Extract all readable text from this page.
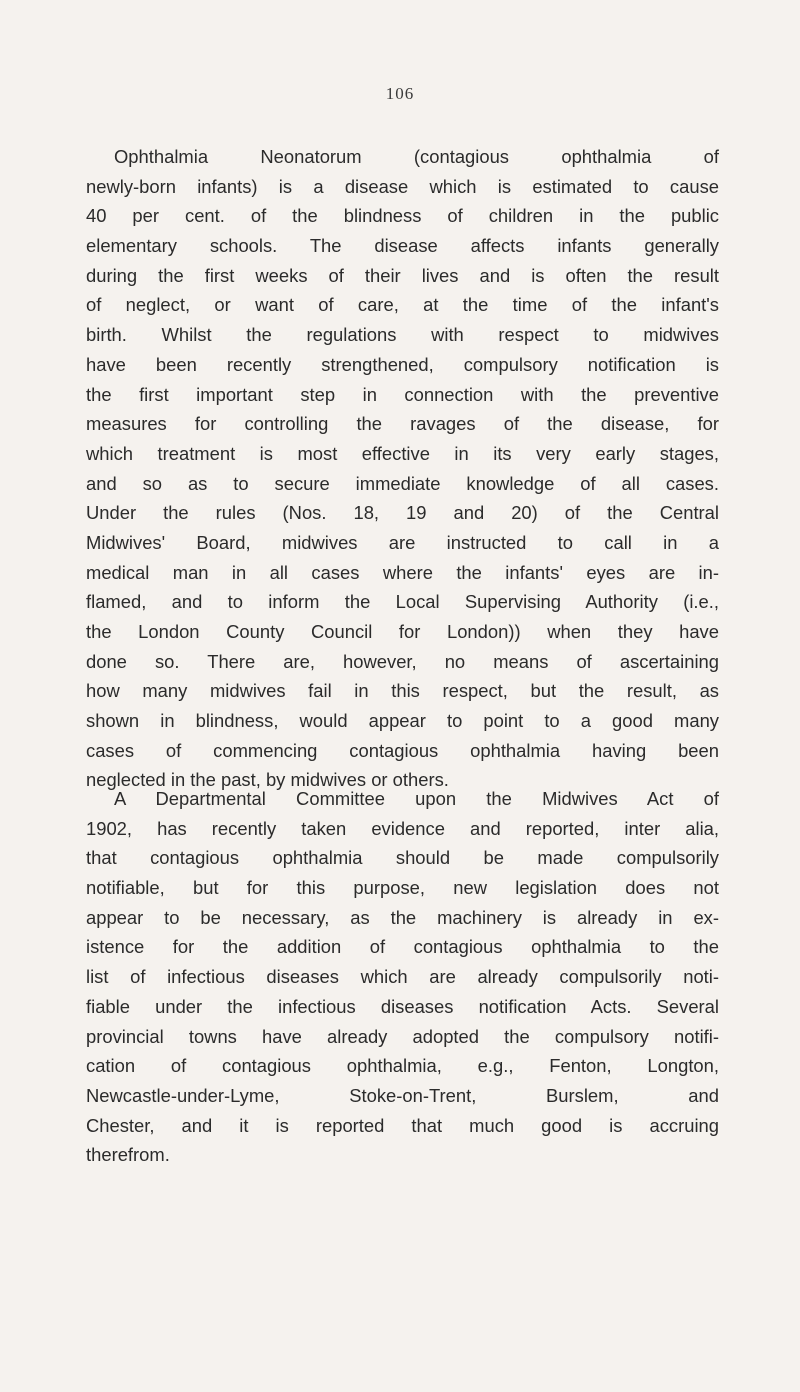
106
Ophthalmia Neonatorum (contagious ophthalmia of
newly-born infants) is a disease which is estimated to cause
40 per cent. of the blindness of children in the public
elementary schools. The disease affects infants generally
during the first weeks of their lives and is often the result
of neglect, or want of care, at the time of the infant's
birth. Whilst the regulations with respect to midwives
have been recently strengthened, compulsory notification is
the first important step in connection with the preventive
measures for controlling the ravages of the disease, for
which treatment is most effective in its very early stages,
and so as to secure immediate knowledge of all cases.
Under the rules (Nos. 18, 19 and 20) of the Central
Midwives' Board, midwives are instructed to call in a
medical man in all cases where the infants' eyes are in-
flamed, and to inform the Local Supervising Authority (i.e.,
the London County Council for London)) when they have
done so. There are, however, no means of ascertaining
how many midwives fail in this respect, but the result, as
shown in blindness, would appear to point to a good many
cases of commencing contagious ophthalmia having been
neglected in the past, by midwives or others.
A Departmental Committee upon the Midwives Act of
1902, has recently taken evidence and reported, inter alia,
that contagious ophthalmia should be made compulsorily
notifiable, but for this purpose, new legislation does not
appear to be necessary, as the machinery is already in ex-
istence for the addition of contagious ophthalmia to the
list of infectious diseases which are already compulsorily noti-
fiable under the infectious diseases notification Acts. Several
provincial towns have already adopted the compulsory notifi-
cation of contagious ophthalmia, e.g., Fenton, Longton,
Newcastle-under-Lyme, Stoke-on-Trent, Burslem, and
Chester, and it is reported that much good is accruing
therefrom.
